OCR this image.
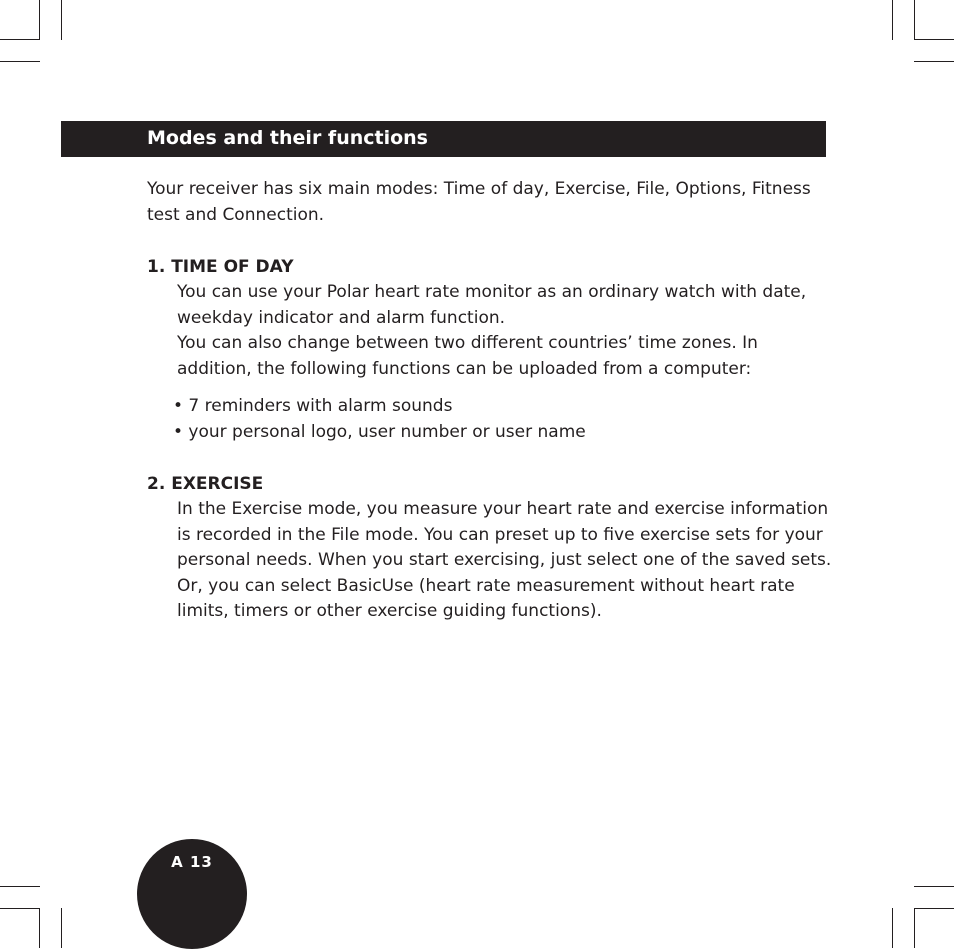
Modes and their functions

Your receiver has six main modes: Time of day, Exercise, File, Options, Fitness test and Connection.

1. TIME OF DAY

You can use your Polar heart rate monitor as an ordinary watch with date, weekday indicator and alarm function.

You can also change between two different countries’ time zones. In addition, the following functions can be uploaded from a computer:

• 7 reminders with alarm sounds
• your personal logo, user number or user name

2. EXERCISE

In the Exercise mode, you measure your heart rate and exercise information is recorded in the File mode. You can preset up to five exercise sets for your personal needs. When you start exercising, just select one of the saved sets. Or, you can select BasicUse (heart rate measurement without heart rate limits, timers or other exercise guiding functions).

A 13
